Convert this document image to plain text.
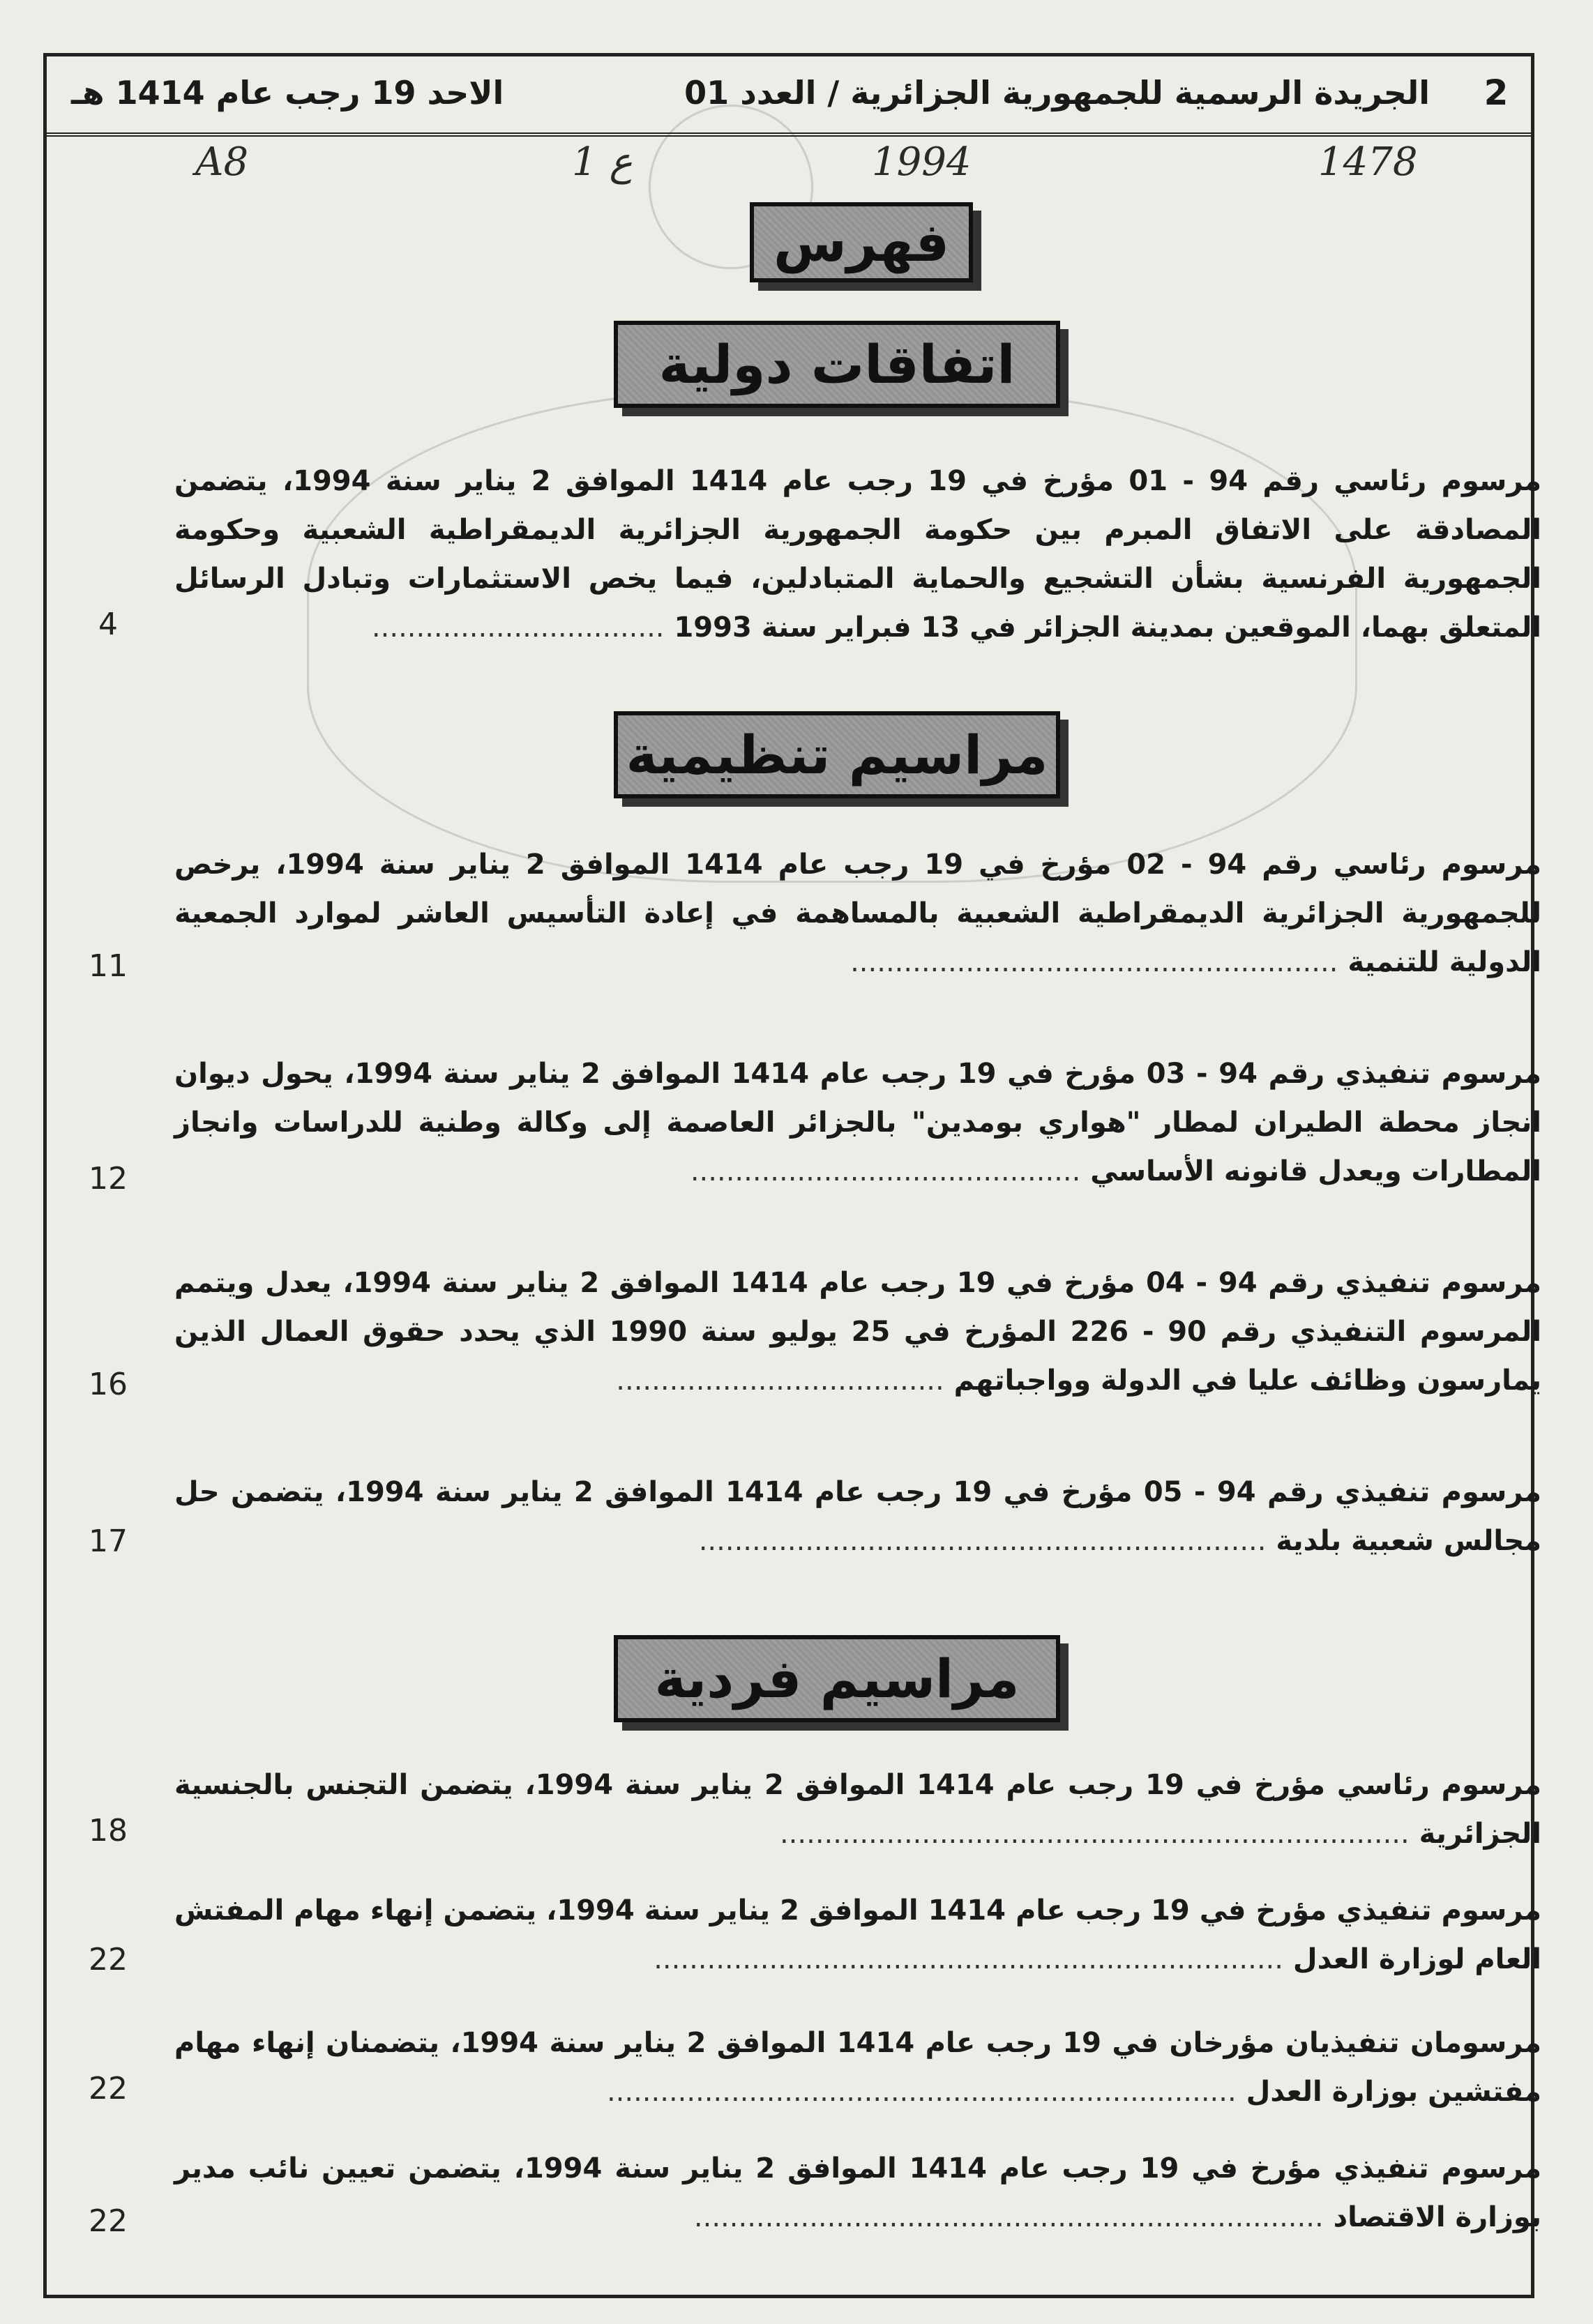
2
الجريدة الرسمية للجمهورية الجزائرية / العدد 01
الاحد 19 رجب عام 1414 هـ
1478
1994
ع 1
A8
فهرس
اتفاقات دولية
مرسوم رئاسي رقم 94 - 01 مؤرخ في 19 رجب عام 1414 الموافق 2 يناير سنة 1994، يتضمن المصادقة على الاتفاق المبرم بين حكومة الجمهورية الجزائرية الديمقراطية الشعبية وحكومة الجمهورية الفرنسية بشأن التشجيع والحماية المتبادلين، فيما يخص الاستثمارات وتبادل الرسائل المتعلق بهما، الموقعين بمدينة الجزائر في 13 فبراير سنة 1993 .................................
4
مراسيم تنظيمية
مرسوم رئاسي رقم 94 - 02 مؤرخ في 19 رجب عام 1414 الموافق 2 يناير سنة 1994، يرخص للجمهورية الجزائرية الديمقراطية الشعبية بالمساهمة في إعادة التأسيس العاشر لموارد الجمعية الدولية للتنمية .......................................................
11
مرسوم تنفيذي رقم 94 - 03 مؤرخ في 19 رجب عام 1414 الموافق 2 يناير سنة 1994، يحول ديوان انجاز محطة الطيران لمطار "هواري بومدين" بالجزائر العاصمة إلى وكالة وطنية للدراسات وانجاز المطارات ويعدل قانونه الأساسي ............................................
12
مرسوم تنفيذي رقم 94 - 04 مؤرخ في 19 رجب عام 1414 الموافق 2 يناير سنة 1994، يعدل ويتمم المرسوم التنفيذي رقم 90 - 226 المؤرخ في 25 يوليو سنة 1990 الذي يحدد حقوق العمال الذين يمارسون وظائف عليا في الدولة وواجباتهم .....................................
16
مرسوم تنفيذي رقم 94 - 05 مؤرخ في 19 رجب عام 1414 الموافق 2 يناير سنة 1994، يتضمن حل مجالس شعبية بلدية ................................................................
17
مراسيم فردية
مرسوم رئاسي مؤرخ في 19 رجب عام 1414 الموافق 2 يناير سنة 1994، يتضمن التجنس بالجنسية الجزائرية .......................................................................
18
مرسوم تنفيذي مؤرخ في 19 رجب عام 1414 الموافق 2 يناير سنة 1994، يتضمن إنهاء مهام المفتش العام لوزارة العدل .......................................................................
22
مرسومان تنفيذيان مؤرخان في 19 رجب عام 1414 الموافق 2 يناير سنة 1994، يتضمنان إنهاء مهام مفتشين بوزارة العدل .......................................................................
22
مرسوم تنفيذي مؤرخ في 19 رجب عام 1414 الموافق 2 يناير سنة 1994، يتضمن تعيين نائب مدير بوزارة الاقتصاد .......................................................................
22
